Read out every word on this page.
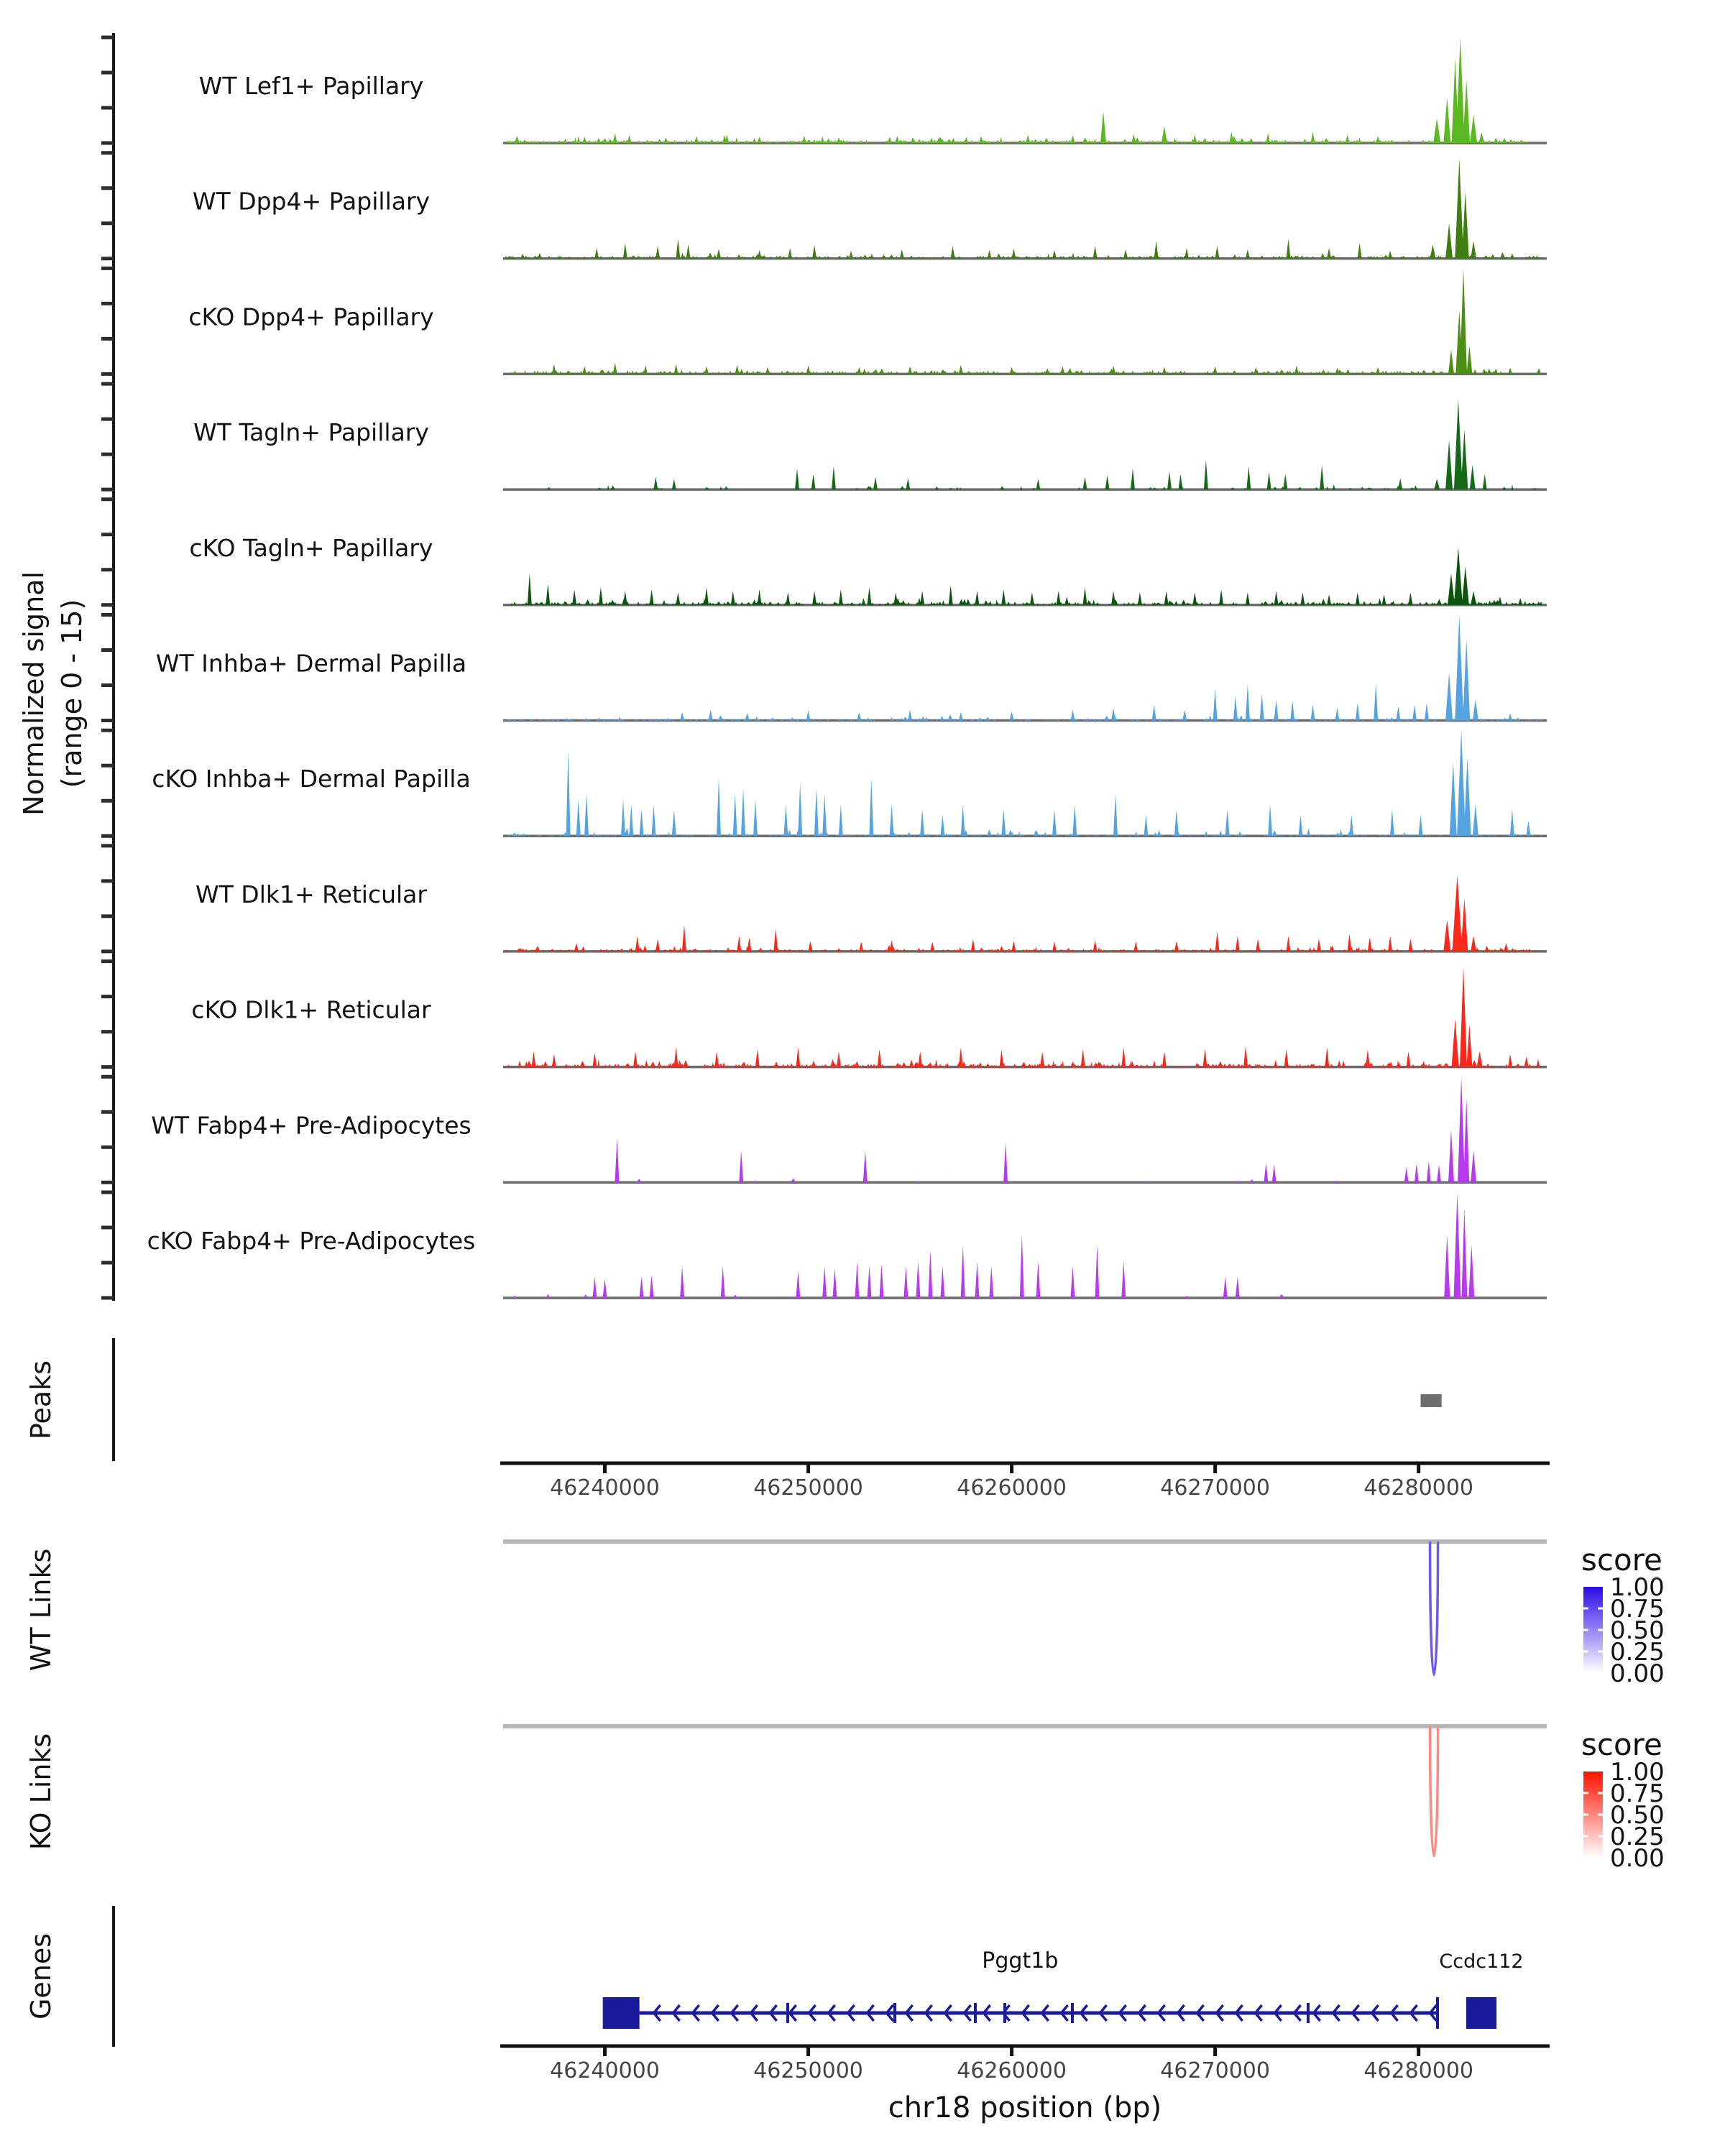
WT Lef1+ Papillary
WT Dpp4+ Papillary
cKO Dpp4+ Papillary
WT Tagln+ Papillary
cKO Tagln+ Papillary
WT Inhba+ Dermal Papilla
cKO Inhba+ Dermal Papilla
WT Dlk1+ Reticular
cKO Dlk1+ Reticular
WT Fabp4+ Pre-Adipocytes
cKO Fabp4+ Pre-Adipocytes
46240000	46250000	46260000	46270000	46280000
1.00
0.75
0.50
0.25
0.00
1.00
0.75
0.50
0.25
0.00
Pggt1b	Ccdc112
46240000	46250000	46260000	46270000	46280000
Normalized signal (range 0 - 15)
Peaks
WT Links
KO Links
Genes
score
score
chr18 position (bp)
